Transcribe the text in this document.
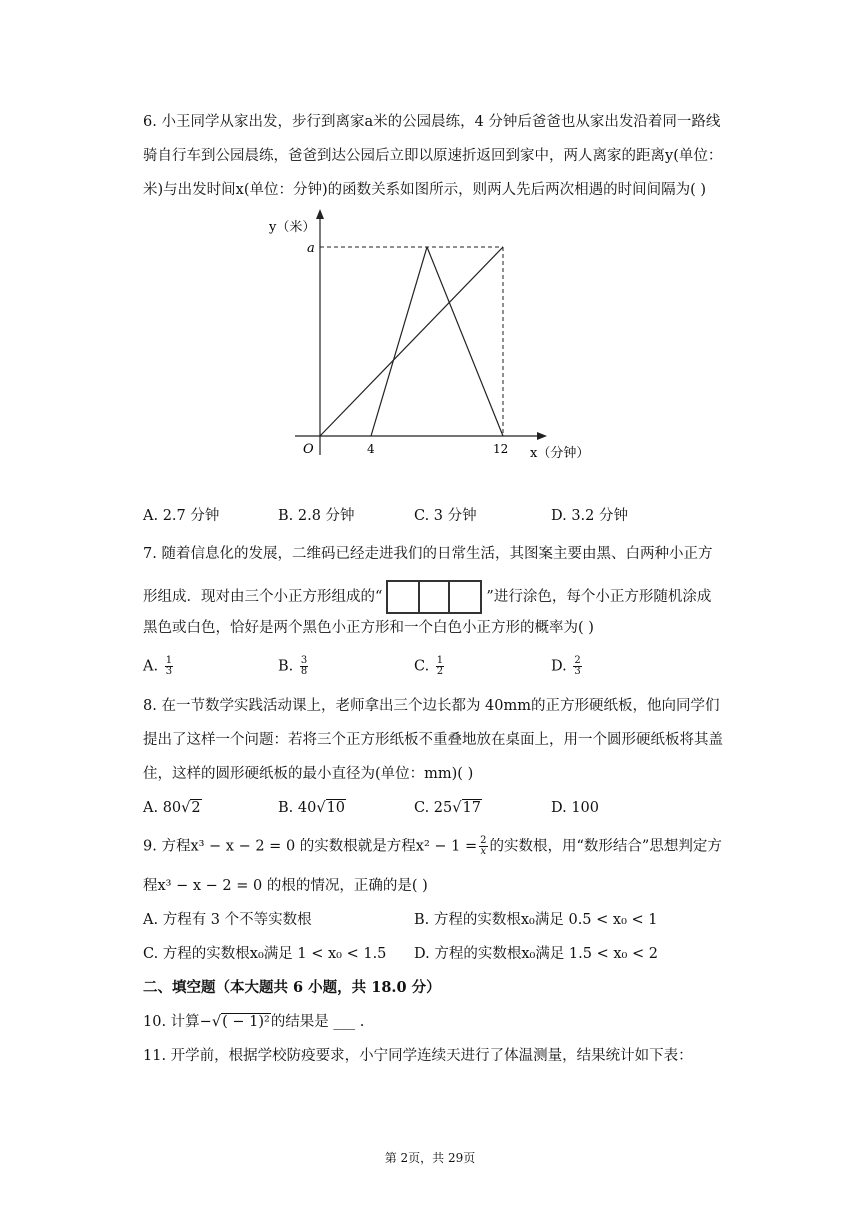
6. 小王同学从家出发，步行到离家a米的公园晨练，4 分钟后爸爸也从家出发沿着同一路线
骑自行车到公园晨练，爸爸到达公园后立即以原速折返回到家中，两人离家的距离y(单位：
米)与出发时间x(单位：分钟)的函数关系如图所示，则两人先后两次相遇的时间间隔为( )
y（米）
a
O	4	12 x（分钟）
A. 2.7 分钟	B. 2.8 分钟	C. 3 分钟	D. 3.2 分钟
7. 随着信息化的发展，二维码已经走进我们的日常生活，其图案主要由黑、白两种小正方
形组成．现对由三个小正方形组成的“	”进行涂色，每个小正方形随机涂成
黑色或白色，恰好是两个黑色小正方形和一个白色小正方形的概率为( )
A. $\frac{1}{3}$	B. $\frac{3}{8}$	C. $\frac{1}{2}$	D. $\frac{2}{3}$
8. 在一节数学实践活动课上，老师拿出三个边长都为 40mm的正方形硬纸板，他向同学们
提出了这样一个问题：若将三个正方形纸板不重叠地放在桌面上，用一个圆形硬纸板将其盖
住，这样的圆形硬纸板的最小直径为(单位：mm)( )
A. 80√2	B. 40√10	C. 25√17	D. 100
9. 方程x³ − x − 2 = 0 的实数根就是方程$x^2 - 1 = \frac{2}{x}$ 的实数根，用“数形结合”思想判定方
程x³ − x − 2 = 0 的根的情况，正确的是( )
A. 方程有 3 个不等实数根	B. 方程的实数根x₀满足 0.5 < x₀ < 1
C. 方程的实数根x₀满足 1 < x₀ < 1.5 D. 方程的实数根x₀满足 1.5 < x₀ < 2
二、填空题（本大题共 6 小题，共 18.0 分）
10. 计算−√( − 1)²的结果是 ___ .
11. 开学前，根据学校防疫要求，小宁同学连续天进行了体温测量，结果统计如下表：
第 2页，共 29页
